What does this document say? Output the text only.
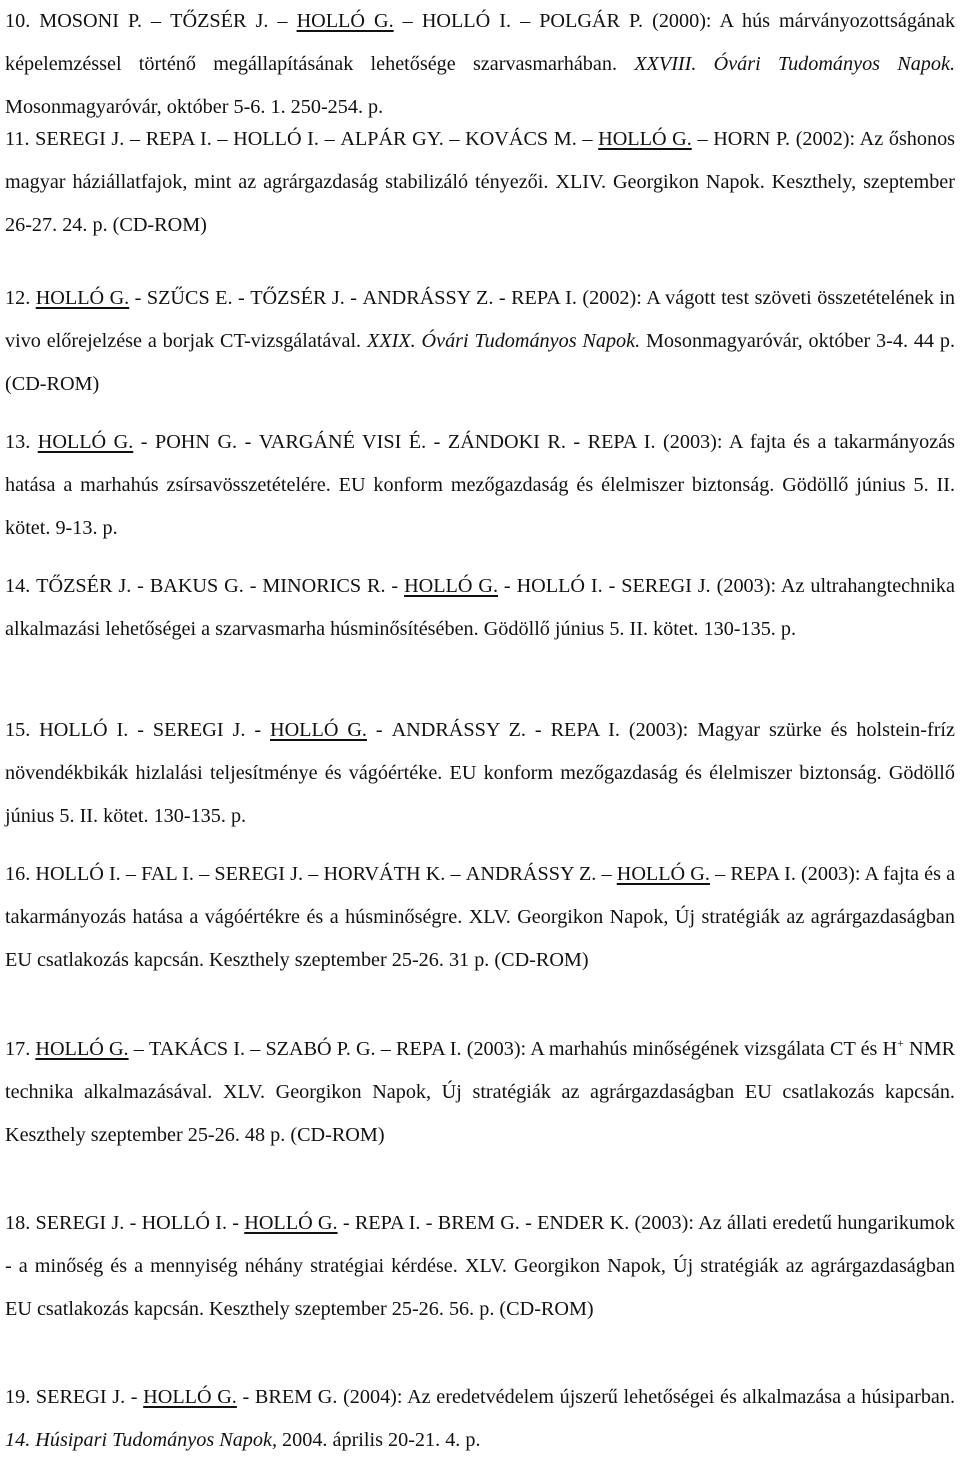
10. MOSONI P. – TŐZSÉR J. – HOLLÓ G. – HOLLÓ I. – POLGÁR P. (2000): A hús márványozottságának képelemzéssel történő megállapításának lehetősége szarvasmarhában. XXVIII. Óvári Tudományos Napok. Mosonmagyaróvár, október 5-6. 1. 250-254. p.

11. SEREGI J. – REPA I. – HOLLÓ I. – ALPÁR GY. – KOVÁCS M. – HOLLÓ G. – HORN P. (2002): Az őshonos magyar háziállatfajok, mint az agrárgazdaság stabilizáló tényezői. XLIV. Georgikon Napok. Keszthely, szeptember 26-27. 24. p. (CD-ROM)

12. HOLLÓ G. - SZŰCS E. - TŐZSÉR J. - ANDRÁSSY Z. - REPA I. (2002): A vágott test szöveti összetételének in vivo előrejelzése a borjak CT-vizsgálatával. XXIX. Óvári Tudományos Napok. Mosonmagyaróvár, október 3-4. 44 p. (CD-ROM)

13. HOLLÓ G. - POHN G. - VARGÁNÉ VISI É. - ZÁNDOKI R. - REPA I. (2003): A fajta és a takarmányozás hatása a marhahús zsírsavösszetételére. EU konform mezőgazdaság és élelmiszer biztonság. Gödöllő június 5. II. kötet. 9-13. p.

14. TŐZSÉR J. - BAKUS G. - MINORICS R. - HOLLÓ G. - HOLLÓ I. - SEREGI J. (2003): Az ultrahangtechnika alkalmazási lehetőségei a szarvasmarha húsminősítésében. Gödöllő június 5. II. kötet. 130-135. p.

15. HOLLÓ I. - SEREGI J. - HOLLÓ G. - ANDRÁSSY Z. - REPA I. (2003): Magyar szürke és holstein-fríz növendékbikák hizlalási teljesítménye és vágóértéke. EU konform mezőgazdaság és élelmiszer biztonság. Gödöllő június 5. II. kötet. 130-135. p.

16. HOLLÓ I. – FAL I. – SEREGI J. – HORVÁTH K. – ANDRÁSSY Z. – HOLLÓ G. – REPA I. (2003): A fajta és a takarmányozás hatása a vágóértékre és a húsminőségre. XLV. Georgikon Napok, Új stratégiák az agrárgazdaságban EU csatlakozás kapcsán. Keszthely szeptember 25-26. 31 p. (CD-ROM)

17. HOLLÓ G. – TAKÁCS I. – SZABÓ P. G. – REPA I. (2003): A marhahús minőségének vizsgálata CT és H+ NMR technika alkalmazásával. XLV. Georgikon Napok, Új stratégiák az agrárgazdaságban EU csatlakozás kapcsán. Keszthely szeptember 25-26. 48 p. (CD-ROM)

18. SEREGI J. - HOLLÓ I. - HOLLÓ G. - REPA I. - BREM G. - ENDER K. (2003): Az állati eredetű hungarikumok - a minőség és a mennyiség néhány stratégiai kérdése. XLV. Georgikon Napok, Új stratégiák az agrárgazdaságban EU csatlakozás kapcsán. Keszthely szeptember 25-26. 56. p. (CD-ROM)

19. SEREGI J. - HOLLÓ G. - BREM G. (2004): Az eredetvédelem újszerű lehetőségei és alkalmazása a húsiparban. 14. Húsipari Tudományos Napok, 2004. április 20-21. 4. p.
